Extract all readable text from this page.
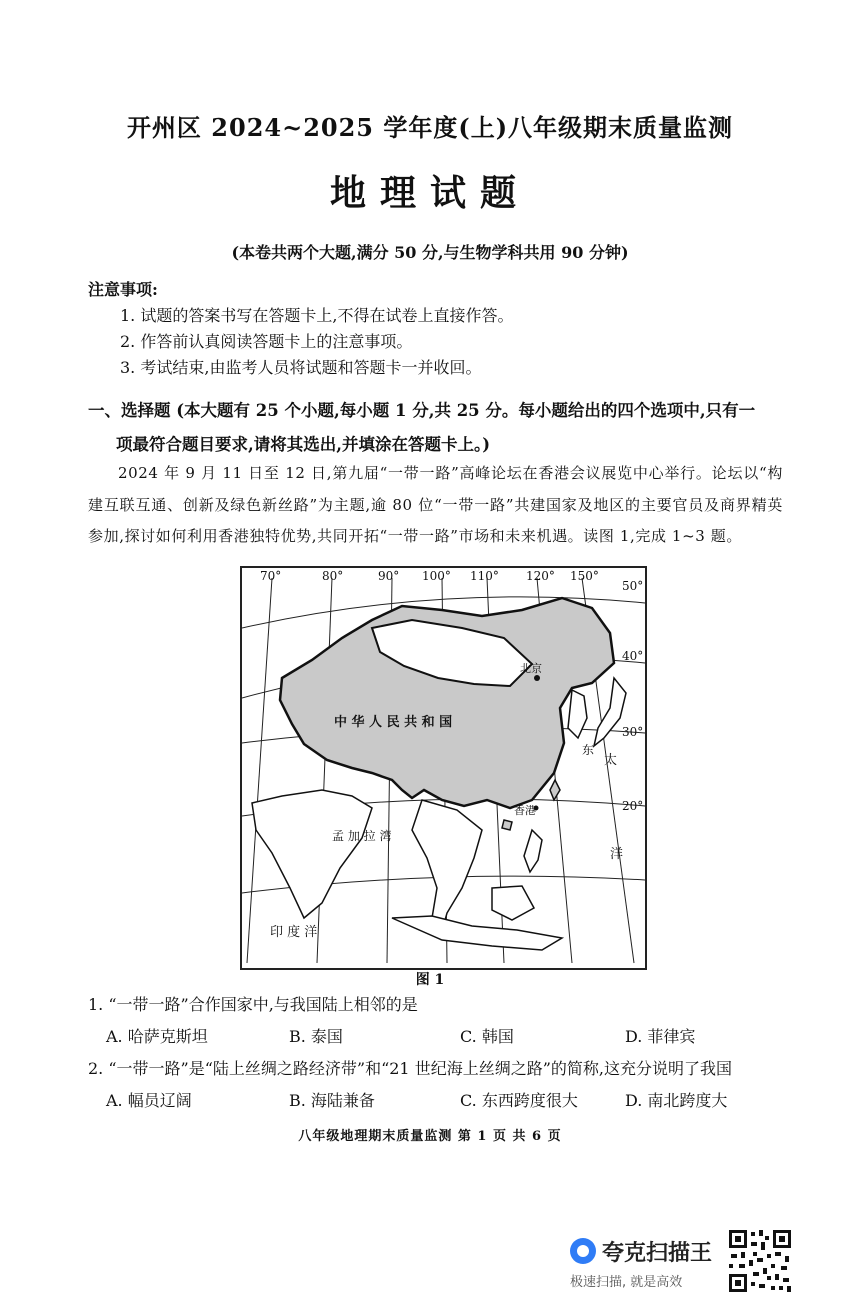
开州区 2024~2025 学年度(上)八年级期末质量监测
地理试题
(本卷共两个大题,满分 50 分,与生物学科共用 90 分钟)
注意事项:
1. 试题的答案书写在答题卡上,不得在试卷上直接作答。
2. 作答前认真阅读答题卡上的注意事项。
3. 考试结束,由监考人员将试题和答题卡一并收回。
一、选择题 (本大题有 25 个小题,每小题 1 分,共 25 分。每小题给出的四个选项中,只有一
项最符合题目要求,请将其选出,并填涂在答题卡上。)
2024 年 9 月 11 日至 12 日,第九届“一带一路”高峰论坛在香港会议展览中心举行。论坛以“构建互联互通、创新及绿色新丝路”为主题,逾 80 位“一带一路”共建国家及地区的主要官员及商界精英参加,探讨如何利用香港独特优势,共同开拓“一带一路”市场和未来机遇。读图 1,完成 1~3 题。
70°	80°	90° 100° 110° 120° 150°
50°
40°
30°
20°
北京
中 华 人 民 共 和 国
香港
孟 加 拉 湾
印 度 洋
太
洋
东
图 1
1. “一带一路”合作国家中,与我国陆上相邻的是
A. 哈萨克斯坦	B. 泰国	C. 韩国	D. 菲律宾
2. “一带一路”是“陆上丝绸之路经济带”和“21 世纪海上丝绸之路”的简称,这充分说明了我国
A. 幅员辽阔	B. 海陆兼备	C. 东西跨度很大	D. 南北跨度大
八年级地理期末质量监测 第 1 页 共 6 页
夸克扫描王
极速扫描, 就是高效
